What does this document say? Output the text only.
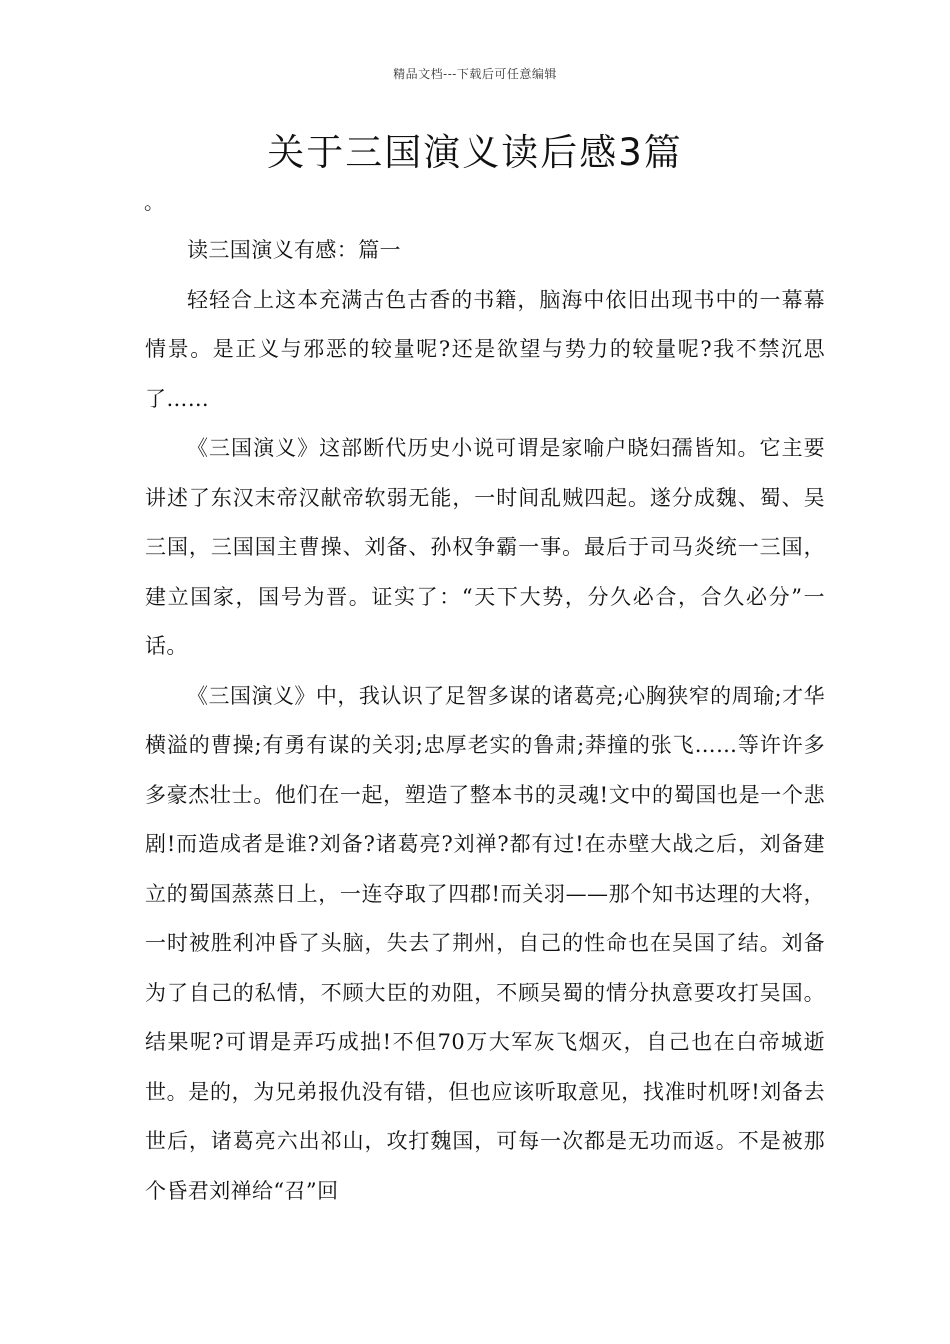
精品文档---下载后可任意编辑
关于三国演义读后感3篇
。

读三国演义有感：篇一

轻轻合上这本充满古色古香的书籍，脑海中依旧出现书中的一幕幕情景。是正义与邪恶的较量呢?还是欲望与势力的较量呢?我不禁沉思了……

《三国演义》这部断代历史小说可谓是家喻户晓妇孺皆知。它主要讲述了东汉末帝汉献帝软弱无能，一时间乱贼四起。遂分成魏、蜀、吴三国，三国国主曹操、刘备、孙权争霸一事。最后于司马炎统一三国，建立国家，国号为晋。证实了：“天下大势，分久必合，合久必分”一话。

《三国演义》中，我认识了足智多谋的诸葛亮;心胸狭窄的周瑜;才华横溢的曹操;有勇有谋的关羽;忠厚老实的鲁肃;莽撞的张飞……等许许多多豪杰壮士。他们在一起，塑造了整本书的灵魂!文中的蜀国也是一个悲剧!而造成者是谁?刘备?诸葛亮?刘禅?都有过!在赤壁大战之后，刘备建立的蜀国蒸蒸日上，一连夺取了四郡!而关羽——那个知书达理的大将，一时被胜利冲昏了头脑，失去了荆州，自己的性命也在吴国了结。刘备为了自己的私情，不顾大臣的劝阻，不顾吴蜀的情分执意要攻打吴国。结果呢?可谓是弄巧成拙!不但70万大军灰飞烟灭，自己也在白帝城逝世。是的，为兄弟报仇没有错，但也应该听取意见，找准时机呀!刘备去世后，诸葛亮六出祁山，攻打魏国，可每一次都是无功而返。不是被那个昏君刘禅给“召”回
